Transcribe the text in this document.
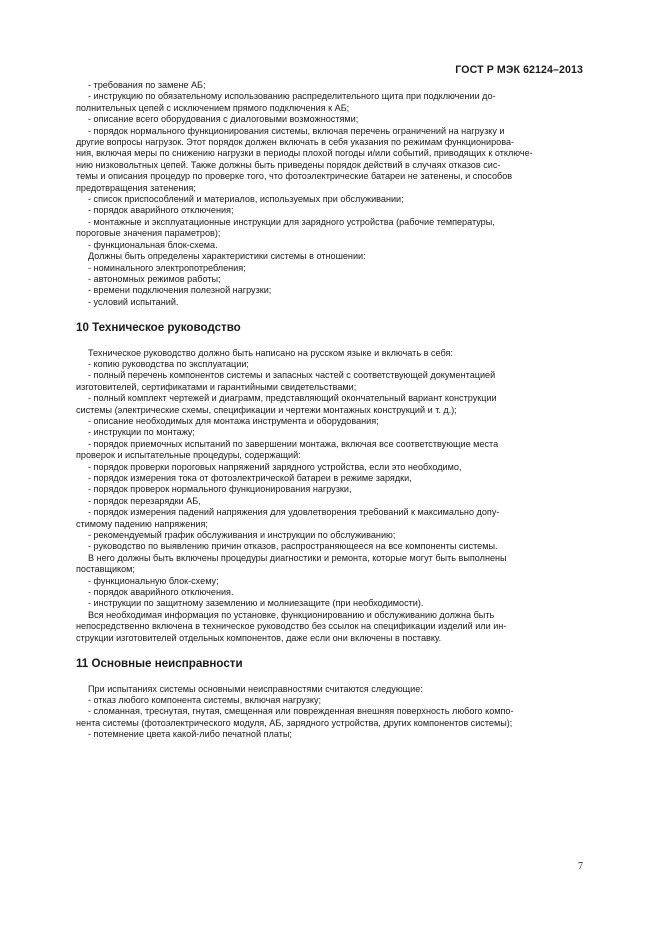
ГОСТ Р МЭК 62124–2013

- требования по замене АБ;

- инструкцию по обязательному использованию распределительного щита при подключении до-

полнительных цепей с исключением прямого подключения к АБ;

- описание всего оборудования с диалоговыми возможностями;

- порядок нормального функционирования системы, включая перечень ограничений на нагрузку и

другие вопросы нагрузок. Этот порядок должен включать в себя указания по режимам функционирова-

ния, включая меры по снижению нагрузки в периоды плохой погоды и/или событий, приводящих к отключе-

нию низковольтных цепей. Также должны быть приведены порядок действий в случаях отказов сис-

темы и описания процедур по проверке того, что фотоэлектрические батареи не затенены, и способов

предотвращения затенения;

- список приспособлений и материалов, используемых при обслуживании;

- порядок аварийного отключения;

- монтажные и эксплуатационные инструкции для зарядного устройства (рабочие температуры,

пороговые значения параметров);

- функциональная блок-схема.

Должны быть определены характеристики системы в отношении:

- номинального электропотребления;

- автономных режимов работы;

- времени подключения полезной нагрузки;

- условий испытаний.

10 Техническое руководство

Техническое руководство должно быть написано на русском языке и включать в себя:

- копию руководства по эксплуатации;

- полный перечень компонентов системы и запасных частей с соответствующей документацией

изготовителей, сертификатами и гарантийными свидетельствами;

- полный комплект чертежей и диаграмм, представляющий окончательный вариант конструкции

системы (электрические схемы, спецификации и чертежи монтажных конструкций и т. д.);

- описание необходимых для монтажа инструмента и оборудования;

- инструкции по монтажу;

- порядок приемочных испытаний по завершении монтажа, включая все соответствующие места

проверок и испытательные процедуры, содержащий:

- порядок проверки пороговых напряжений зарядного устройства, если это необходимо,

- порядок измерения тока от фотоэлектрической батареи в режиме зарядки,

- порядок проверок нормального функционирования нагрузки,

- порядок перезарядки АБ,

- порядок измерения падений напряжения для удовлетворения требований к максимально допу-

стимому падению напряжения;

- рекомендуемый график обслуживания и инструкции по обслуживанию;

- руководство по выявлению причин отказов, распространяющееся на все компоненты системы.

В него должны быть включены процедуры диагностики и ремонта, которые могут быть выполнены

поставщиком;

- функциональную блок-схему;

- порядок аварийного отключения.

- инструкции по защитному заземлению и молниезащите (при необходимости).

Вся необходимая информация по установке, функционированию и обслуживанию должна быть

непосредственно включена в техническое руководство без ссылок на спецификации изделий или ин-

струкции изготовителей отдельных компонентов, даже если они включены в поставку.

11 Основные неисправности

При испытаниях системы основными неисправностями считаются следующие:

- отказ любого компонента системы, включая нагрузку;

- сломанная, треснутая, гнутая, смещенная или поврежденная внешняя поверхность любого компо-

нента системы (фотоэлектрического модуля, АБ, зарядного устройства, других компонентов системы);

- потемнение цвета какой-либо печатной платы;

7
